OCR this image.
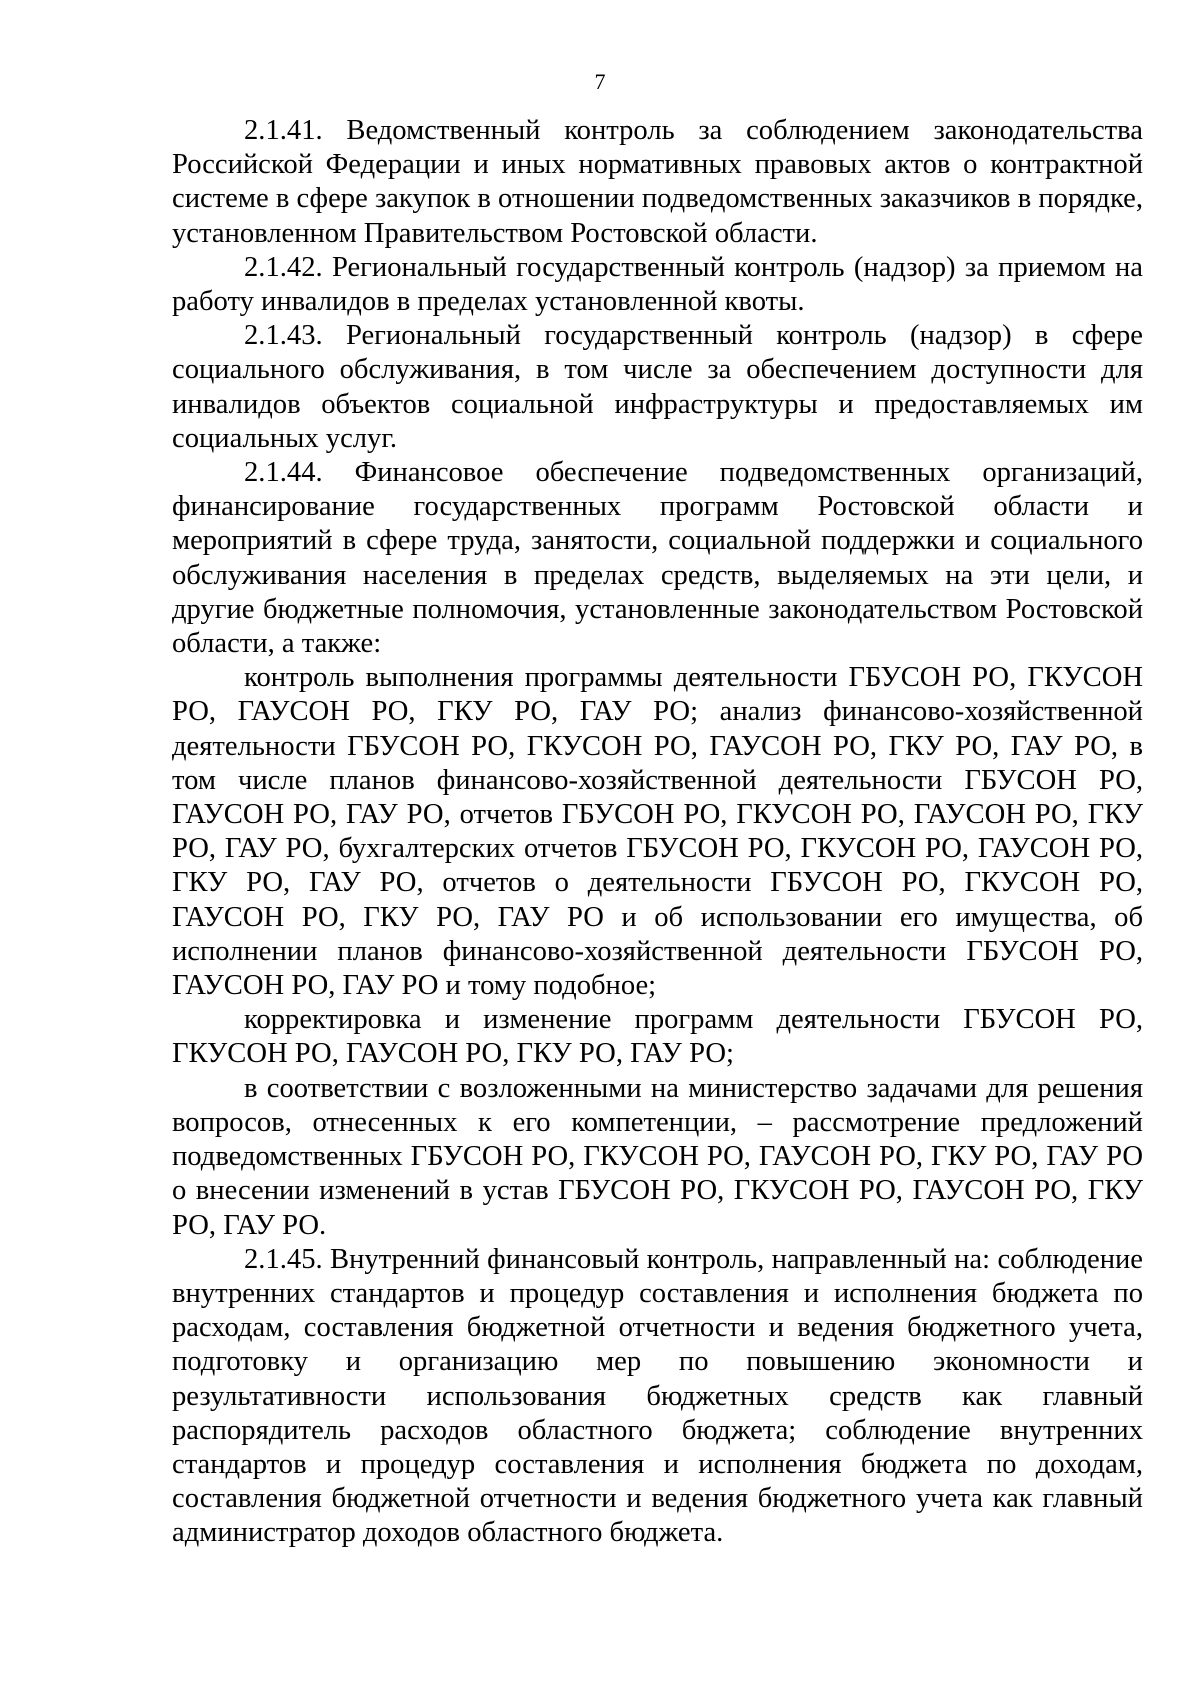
7

2.1.41. Ведомственный контроль за соблюдением законодательства Российской Федерации и иных нормативных правовых актов о контрактной системе в сфере закупок в отношении подведомственных заказчиков в порядке, установленном Правительством Ростовской области.

2.1.42. Региональный государственный контроль (надзор) за приемом на работу инвалидов в пределах установленной квоты.

2.1.43. Региональный государственный контроль (надзор) в сфере социального обслуживания, в том числе за обеспечением доступности для инвалидов объектов социальной инфраструктуры и предоставляемых им социальных услуг.

2.1.44. Финансовое обеспечение подведомственных организаций, финансирование государственных программ Ростовской области и мероприятий в сфере труда, занятости, социальной поддержки и социального обслуживания населения в пределах средств, выделяемых на эти цели, и другие бюджетные полномочия, установленные законодательством Ростовской области, а также:

контроль выполнения программы деятельности ГБУСОН РО, ГКУСОН РО, ГАУСОН РО, ГКУ РО, ГАУ РО; анализ финансово-хозяйственной деятельности ГБУСОН РО, ГКУСОН РО, ГАУСОН РО, ГКУ РО, ГАУ РО, в том числе планов финансово-хозяйственной деятельности ГБУСОН РО, ГАУСОН РО, ГАУ РО, отчетов ГБУСОН РО, ГКУСОН РО, ГАУСОН РО, ГКУ РО, ГАУ РО, бухгалтерских отчетов ГБУСОН РО, ГКУСОН РО, ГАУСОН РО, ГКУ РО, ГАУ РО, отчетов о деятельности ГБУСОН РО, ГКУСОН РО, ГАУСОН РО, ГКУ РО, ГАУ РО и об использовании его имущества, об исполнении планов финансово-хозяйственной деятельности ГБУСОН РО, ГАУСОН РО, ГАУ РО и тому подобное;

корректировка и изменение программ деятельности ГБУСОН РО, ГКУСОН РО, ГАУСОН РО, ГКУ РО, ГАУ РО;

в соответствии с возложенными на министерство задачами для решения вопросов, отнесенных к его компетенции, – рассмотрение предложений подведомственных ГБУСОН РО, ГКУСОН РО, ГАУСОН РО, ГКУ РО, ГАУ РО о внесении изменений в устав ГБУСОН РО, ГКУСОН РО, ГАУСОН РО, ГКУ РО, ГАУ РО.

2.1.45. Внутренний финансовый контроль, направленный на: соблюдение внутренних стандартов и процедур составления и исполнения бюджета по расходам, составления бюджетной отчетности и ведения бюджетного учета, подготовку и организацию мер по повышению экономности и результативности использования бюджетных средств как главный распорядитель расходов областного бюджета; соблюдение внутренних стандартов и процедур составления и исполнения бюджета по доходам, составления бюджетной отчетности и ведения бюджетного учета как главный администратор доходов областного бюджета.
